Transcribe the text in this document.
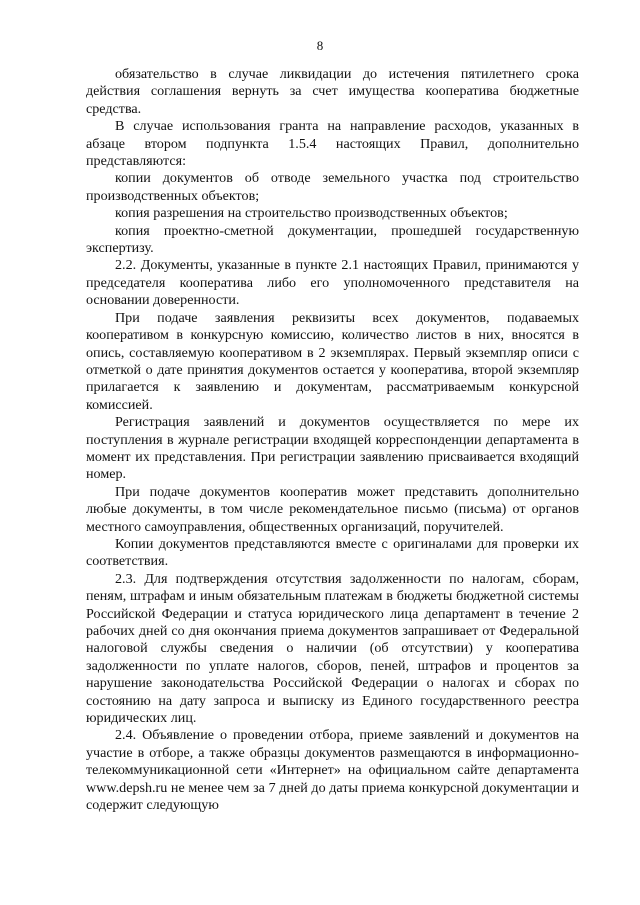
8

обязательство в случае ликвидации до истечения пятилетнего срока действия соглашения вернуть за счет имущества кооператива бюджетные средства.

В случае использования гранта на направление расходов, указанных в абзаце втором подпункта 1.5.4 настоящих Правил, дополнительно представляются:

копии документов об отводе земельного участка под строительство производственных объектов;

копия разрешения на строительство производственных объектов;

копия проектно-сметной документации, прошедшей государственную экспертизу.

2.2. Документы, указанные в пункте 2.1 настоящих Правил, принимаются у председателя кооператива либо его уполномоченного представителя на основании доверенности.

При подаче заявления реквизиты всех документов, подаваемых кооперативом в конкурсную комиссию, количество листов в них, вносятся в опись, составляемую кооперативом в 2 экземплярах. Первый экземпляр описи с отметкой о дате принятия документов остается у кооператива, второй экземпляр прилагается к заявлению и документам, рассматриваемым конкурсной комиссией.

Регистрация заявлений и документов осуществляется по мере их поступления в журнале регистрации входящей корреспонденции департамента в момент их представления. При регистрации заявлению присваивается входящий номер.

При подаче документов кооператив может представить дополнительно любые документы, в том числе рекомендательное письмо (письма) от органов местного самоуправления, общественных организаций, поручителей.

Копии документов представляются вместе с оригиналами для проверки их соответствия.

2.3. Для подтверждения отсутствия задолженности по налогам, сборам, пеням, штрафам и иным обязательным платежам в бюджеты бюджетной системы Российской Федерации и статуса юридического лица департамент в течение 2 рабочих дней со дня окончания приема документов запрашивает от Федеральной налоговой службы сведения о наличии (об отсутствии) у кооператива задолженности по уплате налогов, сборов, пеней, штрафов и процентов за нарушение законодательства Российской Федерации о налогах и сборах по состоянию на дату запроса и выписку из Единого государственного реестра юридических лиц.

2.4. Объявление о проведении отбора, приеме заявлений и документов на участие в отборе, а также образцы документов размещаются в информационно-телекоммуникационной сети «Интернет» на официальном сайте департамента www.depsh.ru не менее чем за 7 дней до даты приема конкурсной документации и содержит следующую
